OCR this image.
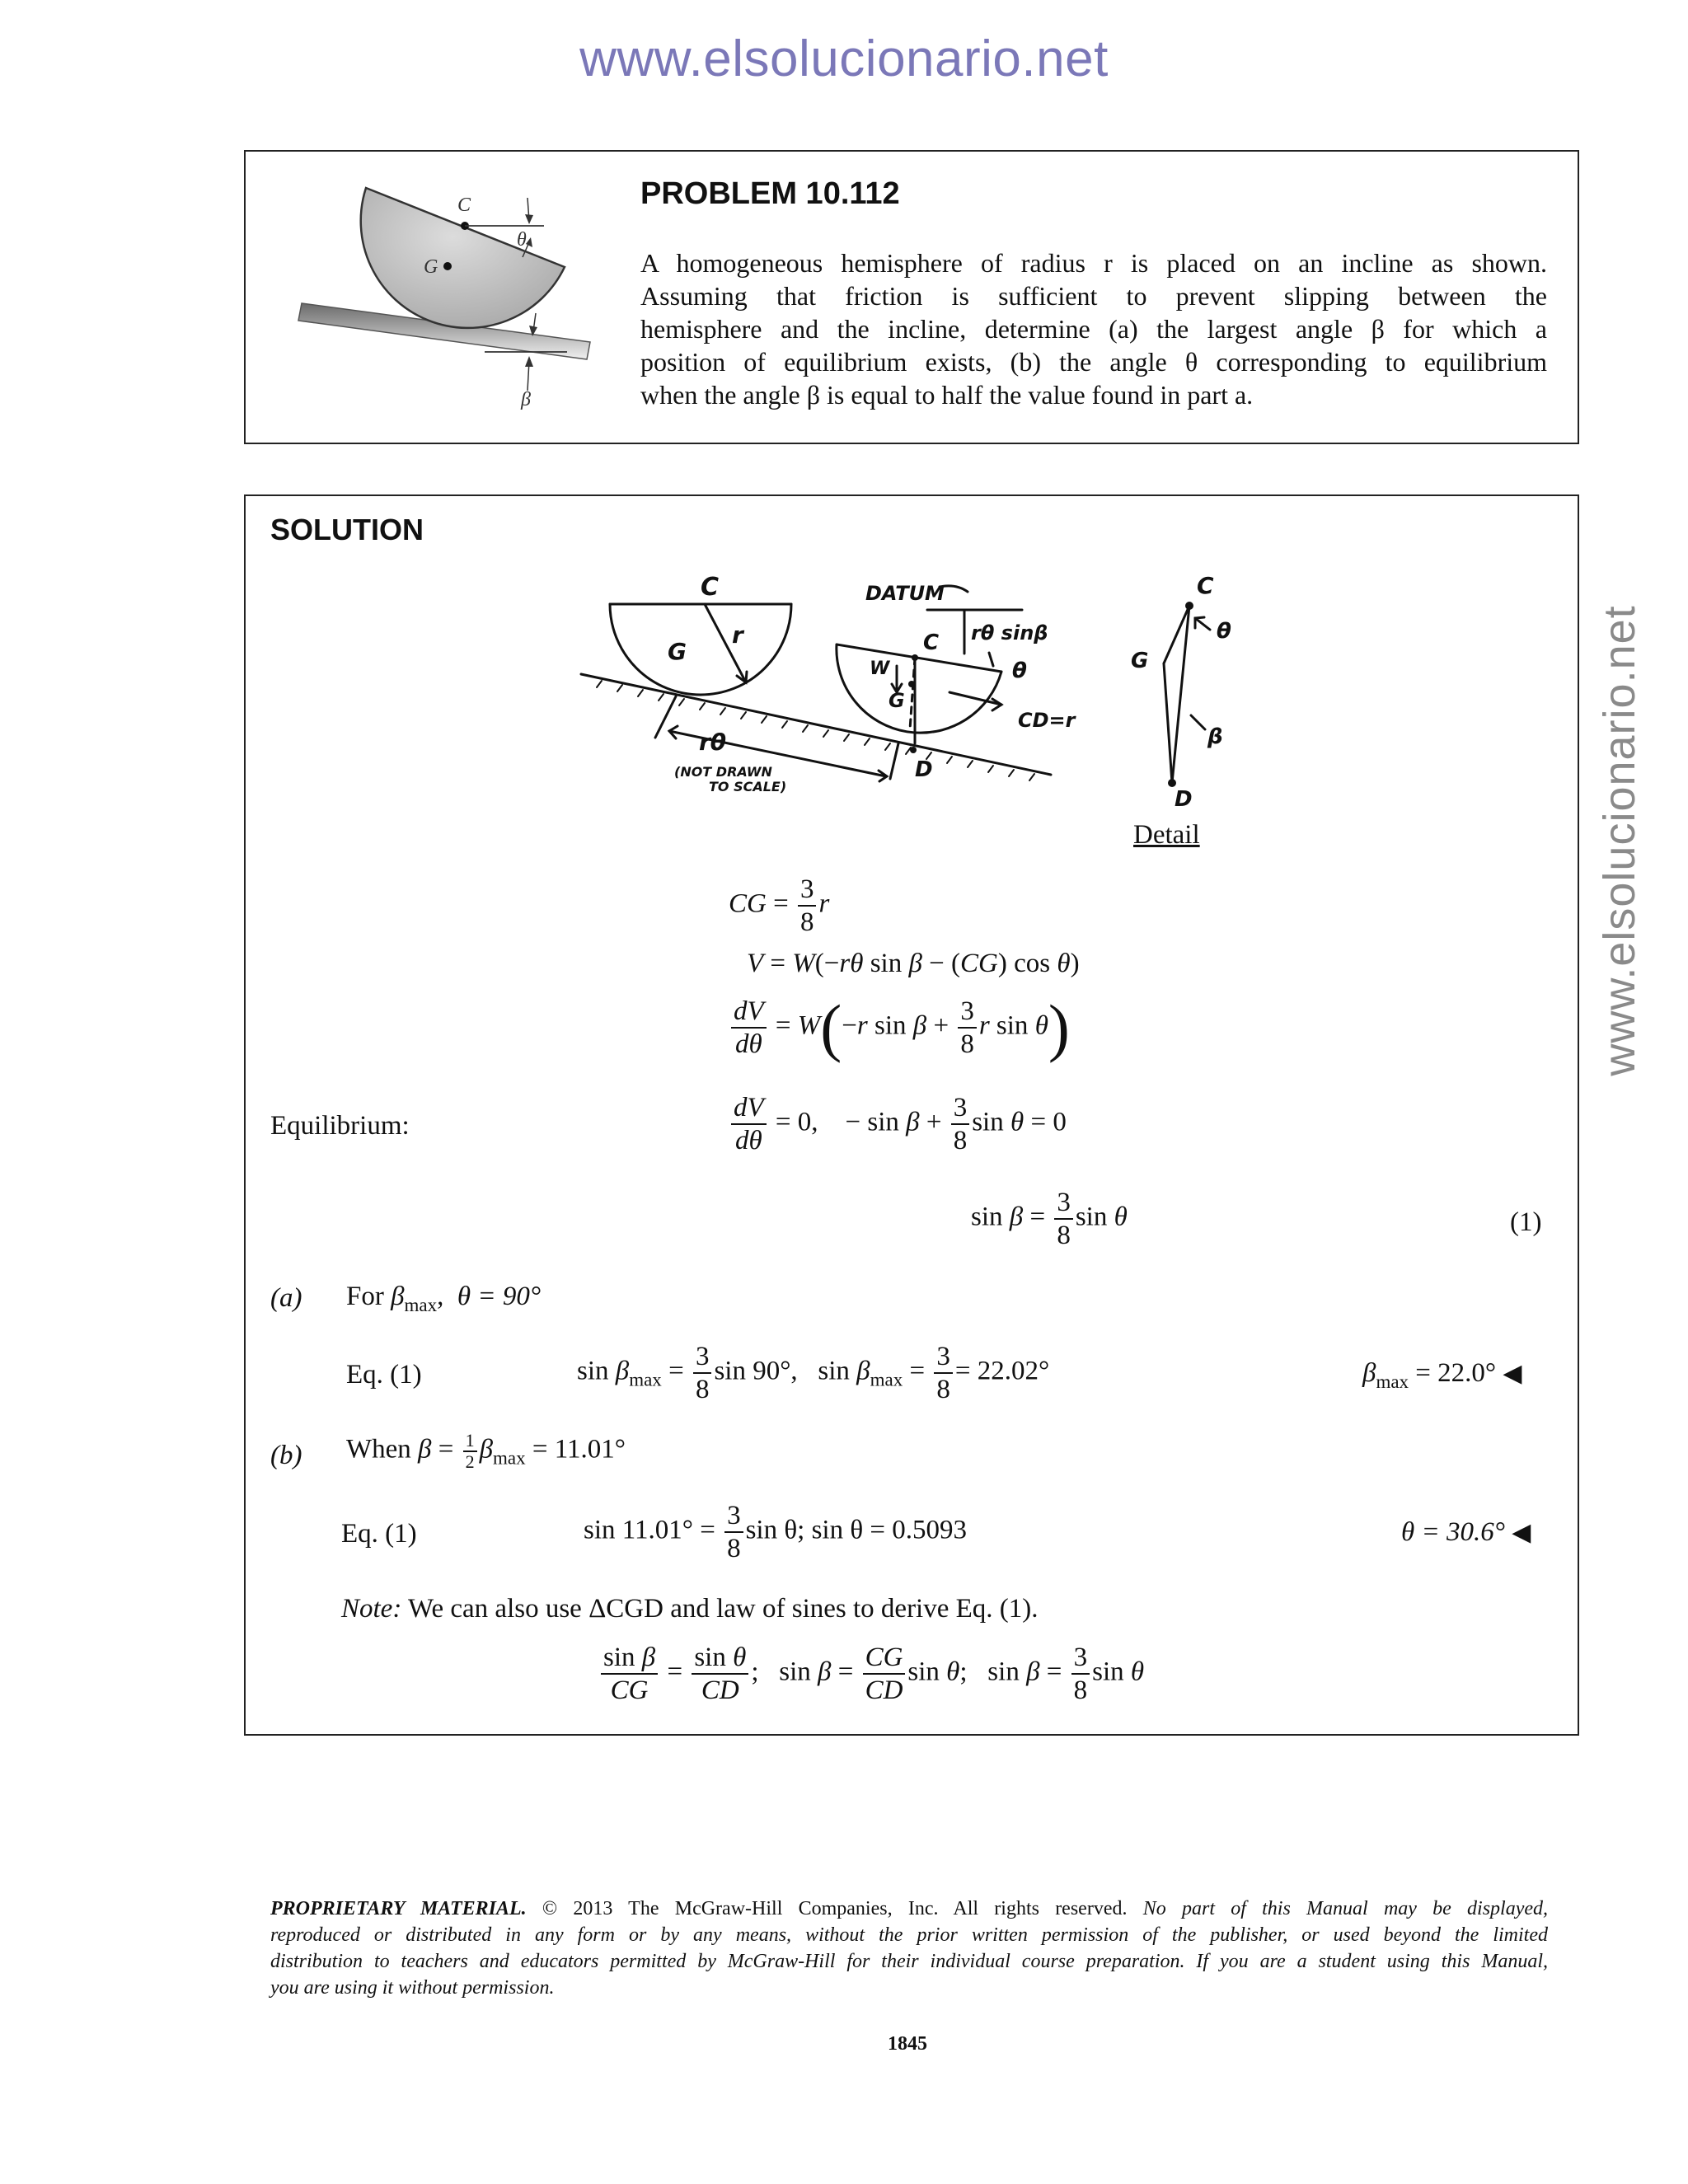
www.elsolucionario.net
www.elsolucionario.net
C
G
θ
β
PROBLEM 10.112
A homogeneous hemisphere of radius r is placed on an incline as shown.
Assuming that friction is sufficient to prevent slipping between the
hemisphere and the incline, determine (a) the largest angle β for which a
position of equilibrium exists, (b) the angle θ corresponding to equilibrium
when the angle β is equal to half the value found in part a.
SOLUTION
C
r
G
DATUM
C rθ sinβ
θ
W
G
CD=r
rθ
(NOT DRAWN
TO SCALE)
D
C
θ
G
β
D
Detail
CG = $\frac{3}{8}$ r
V = W(−rθ sin β − (CG) cos θ)
$\frac{dV}{d\theta} = W(-r$ $\sin \beta + \frac{3}{8}$ r sin θ)
Equilibrium:	$\frac{dV}{d\theta} = 0$,    − $\sin \beta + \frac{3}{8}$ sin θ = 0
$\sin \beta = \frac{3}{8}$ sin θ	(1)
(a) For $\beta_{max}$,  θ = 90°
Eq. (1)	$\sin \beta_{max} = \frac{3}{8}$ sin 90°,   $\sin \beta_{max} = \frac{3}{8} = 22.02^\circ$	$\beta_{max} = 22.0^\circ$ ◀
(b) When $\beta = \frac{1}{2} \beta_{max} = 11.01^\circ$
Eq. (1)	$\sin 11.01^\circ = \frac{3}{8}$ sin θ; sin θ = 0.5093	θ = 30.6° ◀
Note: We can also use ΔCGD and law of sines to derive Eq. (1).
$\frac{\text{sin β}}{CG} = \frac{\text{sin θ}}{CD}$ ;   $\sin \beta = \frac{CG}{CD}$ sin θ;   $\sin \beta = \frac{3}{8}$ sin θ
PROPRIETARY MATERIAL. © 2013 The McGraw-Hill Companies, Inc. All rights reserved. No part of this Manual may be displayed,
reproduced or distributed in any form or by any means, without the prior written permission of the publisher, or used beyond the limited
distribution to teachers and educators permitted by McGraw-Hill for their individual course preparation. If you are a student using this Manual,
you are using it without permission.
1845
